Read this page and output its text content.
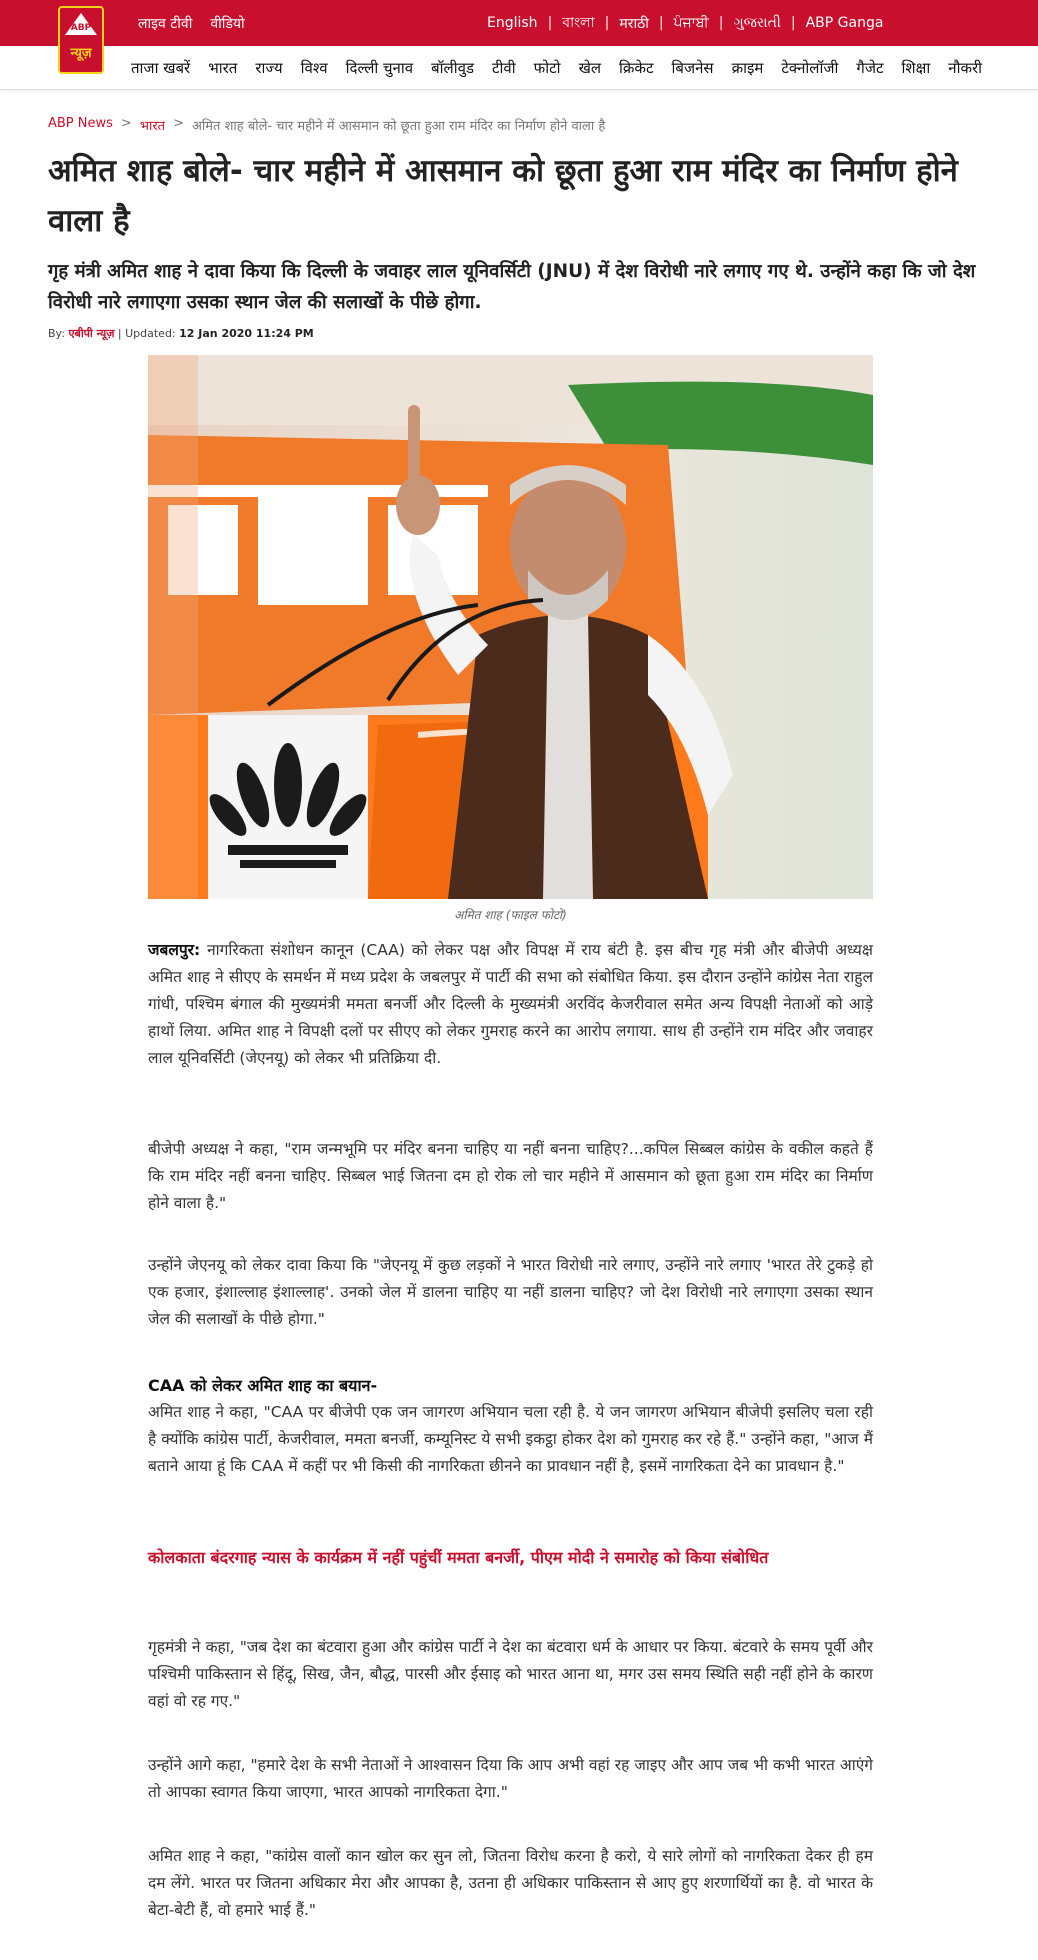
लाइव टीवी वीडियो	English | বাংলা | मराठी | ਪੰਜਾਬੀ | ગુજરાતી | ABP Ganga
ABP
न्यूज़
ताजा खबरें	भारत	राज्य	विश्व	दिल्ली चुनाव	बॉलीवुड	टीवी	फोटो	खेल	क्रिकेट	बिजनेस	क्राइम	टेक्नोलॉजी	गैजेट	शिक्षा	नौकरी
ABP News > भारत > अमित शाह बोले- चार महीने में आसमान को छूता हुआ राम मंदिर का निर्माण होने वाला है
अमित शाह बोले- चार महीने में आसमान को छूता हुआ राम मंदिर का निर्माण होने वाला है
गृह मंत्री अमित शाह ने दावा किया कि दिल्ली के जवाहर लाल यूनिवर्सिटी (JNU) में देश विरोधी नारे लगाए गए थे. उन्होंने कहा कि जो देश विरोधी नारे लगाएगा उसका स्थान जेल की सलाखों के पीछे होगा.
By: एबीपी न्यूज़ | Updated: 12 Jan 2020 11:24 PM
अमित शाह (फाइल फोटो)
जबलपुर: नागरिकता संशोधन कानून (CAA) को लेकर पक्ष और विपक्ष में राय बंटी है. इस बीच गृह मंत्री और बीजेपी अध्यक्ष अमित शाह ने सीएए के समर्थन में मध्य प्रदेश के जबलपुर में पार्टी की सभा को संबोधित किया. इस दौरान उन्होंने कांग्रेस नेता राहुल गांधी, पश्चिम बंगाल की मुख्यमंत्री ममता बनर्जी और दिल्ली के मुख्यमंत्री अरविंद केजरीवाल समेत अन्य विपक्षी नेताओं को आड़े हाथों लिया. अमित शाह ने विपक्षी दलों पर सीएए को लेकर गुमराह करने का आरोप लगाया. साथ ही उन्होंने राम मंदिर और जवाहर लाल यूनिवर्सिटी (जेएनयू) को लेकर भी प्रतिक्रिया दी.

बीजेपी अध्यक्ष ने कहा, "राम जन्मभूमि पर मंदिर बनना चाहिए या नहीं बनना चाहिए?...कपिल सिब्बल कांग्रेस के वकील कहते हैं कि राम मंदिर नहीं बनना चाहिए. सिब्बल भाई जितना दम हो रोक लो चार महीने में आसमान को छूता हुआ राम मंदिर का निर्माण होने वाला है."

उन्होंने जेएनयू को लेकर दावा किया कि "जेएनयू में कुछ लड़कों ने भारत विरोधी नारे लगाए, उन्होंने नारे लगाए 'भारत तेरे टुकड़े हो एक हजार, इंशाल्लाह इंशाल्लाह'. उनको जेल में डालना चाहिए या नहीं डालना चाहिए? जो देश विरोधी नारे लगाएगा उसका स्थान जेल की सलाखों के पीछे होगा."

CAA को लेकर अमित शाह का बयान-
अमित शाह ने कहा, "CAA पर बीजेपी एक जन जागरण अभियान चला रही है. ये जन जागरण अभियान बीजेपी इसलिए चला रही है क्योंकि कांग्रेस पार्टी, केजरीवाल, ममता बनर्जी, कम्यूनिस्ट ये सभी इकट्ठा होकर देश को गुमराह कर रहे हैं." उन्होंने कहा, "आज मैं बताने आया हूं कि CAA में कहीं पर भी किसी की नागरिकता छीनने का प्रावधान नहीं है, इसमें नागरिकता देने का प्रावधान है."
कोलकाता बंदरगाह न्यास के कार्यक्रम में नहीं पहुंचीं ममता बनर्जी, पीएम मोदी ने समारोह को किया संबोधित

गृहमंत्री ने कहा, "जब देश का बंटवारा हुआ और कांग्रेस पार्टी ने देश का बंटवारा धर्म के आधार पर किया. बंटवारे के समय पूर्वी और पश्चिमी पाकिस्तान से हिंदू, सिख, जैन, बौद्ध, पारसी और ईसाइ को भारत आना था, मगर उस समय स्थिति सही नहीं होने के कारण वहां वो रह गए."

उन्होंने आगे कहा, "हमारे देश के सभी नेताओं ने आश्वासन दिया कि आप अभी वहां रह जाइए और आप जब भी कभी भारत आएंगे तो आपका स्वागत किया जाएगा, भारत आपको नागरिकता देगा."

अमित शाह ने कहा, "कांग्रेस वालों कान खोल कर सुन लो, जितना विरोध करना है करो, ये सारे लोगों को नागरिकता देकर ही हम दम लेंगे. भारत पर जितना अधिकार मेरा और आपका है, उतना ही अधिकार पाकिस्तान से आए हुए शरणार्थियों का है. वो भारत के बेटा-बेटी हैं, वो हमारे भाई हैं."
